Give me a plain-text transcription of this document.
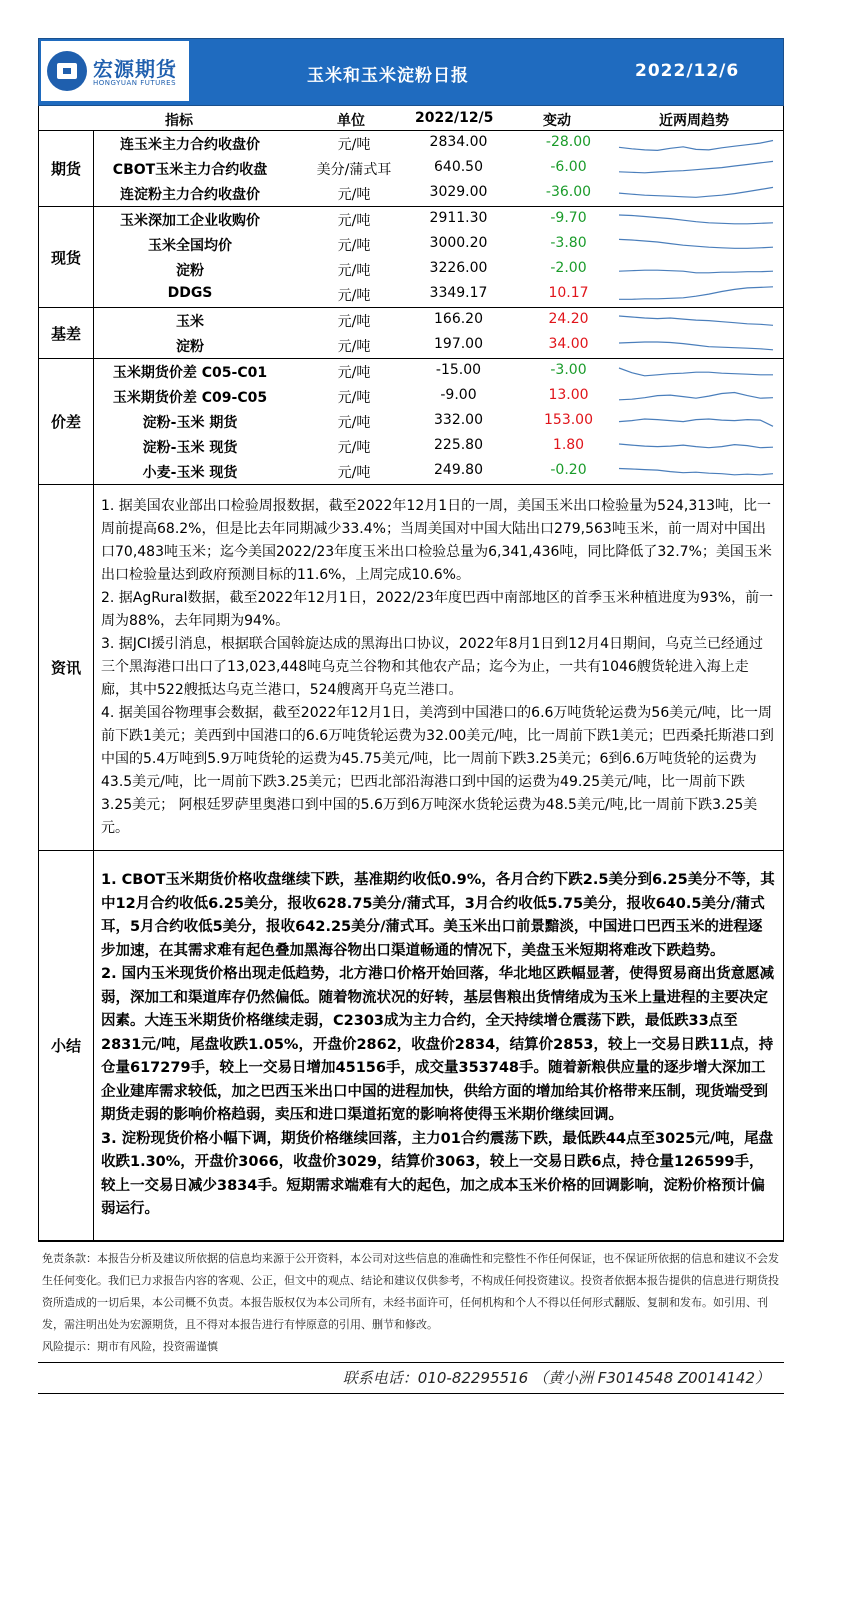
宏源期货
HONGYUAN FUTURES	玉米和玉米淀粉日报	2022/12/6
指标	单位	2022/12/5	变动	近两周趋势
期货
连玉米主力合约收盘价	元/吨	2834.00	-28.00
CBOT玉米主力合约收盘	美分/蒲式耳	640.50	-6.00
连淀粉主力合约收盘价	元/吨	3029.00	-36.00
现货
玉米深加工企业收购价	元/吨	2911.30	-9.70
玉米全国均价	元/吨	3000.20	-3.80
淀粉	元/吨	3226.00	-2.00
DDGS	元/吨	3349.17	10.17
基差
玉米	元/吨	166.20	24.20
淀粉	元/吨	197.00	34.00
价差
玉米期货价差 C05-C01	元/吨	-15.00	-3.00
玉米期货价差 C09-C05	元/吨	-9.00	13.00
淀粉-玉米 期货	元/吨	332.00	153.00
淀粉-玉米 现货	元/吨	225.80	1.80
小麦-玉米 现货	元/吨	249.80	-0.20
资讯

1. 据美国农业部出口检验周报数据，截至2022年12月1日的一周，美国玉米出口检验量为524,313吨，比一周前提高68.2%，但是比去年同期减少33.4%；当周美国对中国大陆出口279,563吨玉米，前一周对中国出口70,483吨玉米；迄今美国2022/23年度玉米出口检验总量为6,341,436吨，同比降低了32.7%；美国玉米出口检验量达到政府预测目标的11.6%，上周完成10.6%。

2. 据AgRural数据，截至2022年12月1日，2022/23年度巴西中南部地区的首季玉米种植进度为93%，前一周为88%，去年同期为94%。

3. 据JCI援引消息，根据联合国斡旋达成的黑海出口协议，2022年8月1日到12月4日期间，乌克兰已经通过三个黑海港口出口了13,023,448吨乌克兰谷物和其他农产品；迄今为止，一共有1046艘货轮进入海上走廊，其中522艘抵达乌克兰港口，524艘离开乌克兰港口。

4. 据美国谷物理事会数据，截至2022年12月1日，美湾到中国港口的6.6万吨货轮运费为56美元/吨，比一周前下跌1美元；美西到中国港口的6.6万吨货轮运费为32.00美元/吨，比一周前下跌1美元；巴西桑托斯港口到中国的5.4万吨到5.9万吨货轮的运费为45.75美元/吨，比一周前下跌3.25美元；6到6.6万吨货轮的运费为43.5美元/吨，比一周前下跌3.25美元；巴西北部沿海港口到中国的运费为49.25美元/吨，比一周前下跌3.25美元； 阿根廷罗萨里奥港口到中国的5.6万到6万吨深水货轮运费为48.5美元/吨,比一周前下跌3.25美元。

小结

1. CBOT玉米期货价格收盘继续下跌，基准期约收低0.9%，各月合约下跌2.5美分到6.25美分不等，其中12月合约收低6.25美分，报收628.75美分/蒲式耳，3月合约收低5.75美分，报收640.5美分/蒲式耳，5月合约收低5美分，报收642.25美分/蒲式耳。美玉米出口前景黯淡，中国进口巴西玉米的进程逐步加速，在其需求难有起色叠加黑海谷物出口渠道畅通的情况下，美盘玉米短期将难改下跌趋势。

2. 国内玉米现货价格出现走低趋势，北方港口价格开始回落，华北地区跌幅显著，使得贸易商出货意愿减弱，深加工和渠道库存仍然偏低。随着物流状况的好转，基层售粮出货情绪成为玉米上量进程的主要决定因素。大连玉米期货价格继续走弱，C2303成为主力合约，全天持续增仓震荡下跌，最低跌33点至2831元/吨，尾盘收跌1.05%，开盘价2862，收盘价2834，结算价2853，较上一交易日跌11点，持仓量617279手，较上一交易日增加45156手，成交量353748手。随着新粮供应量的逐步增大深加工企业建库需求较低，加之巴西玉米出口中国的进程加快，供给方面的增加给其价格带来压制，现货端受到期货走弱的影响价格趋弱，卖压和进口渠道拓宽的影响将使得玉米期价继续回调。

3. 淀粉现货价格小幅下调，期货价格继续回落，主力01合约震荡下跌，最低跌44点至3025元/吨，尾盘收跌1.30%，开盘价3066，收盘价3029，结算价3063，较上一交易日跌6点，持仓量126599手，较上一交易日减少3834手。短期需求端难有大的起色，加之成本玉米价格的回调影响，淀粉价格预计偏弱运行。

免责条款：本报告分析及建议所依据的信息均来源于公开资料，本公司对这些信息的准确性和完整性不作任何保证，也不保证所依据的信息和建议不会发生任何变化。我们已力求报告内容的客观、公正，但文中的观点、结论和建议仅供参考，不构成任何投资建议。投资者依据本报告提供的信息进行期货投资所造成的一切后果，本公司概不负责。本报告版权仅为本公司所有，未经书面许可，任何机构和个人不得以任何形式翻版、复制和发布。如引用、刊发，需注明出处为宏源期货，且不得对本报告进行有悖原意的引用、删节和修改。
风险提示：期市有风险，投资需谨慎
联系电话：010-82295516 （黄小洲 F3014548 Z0014142）
